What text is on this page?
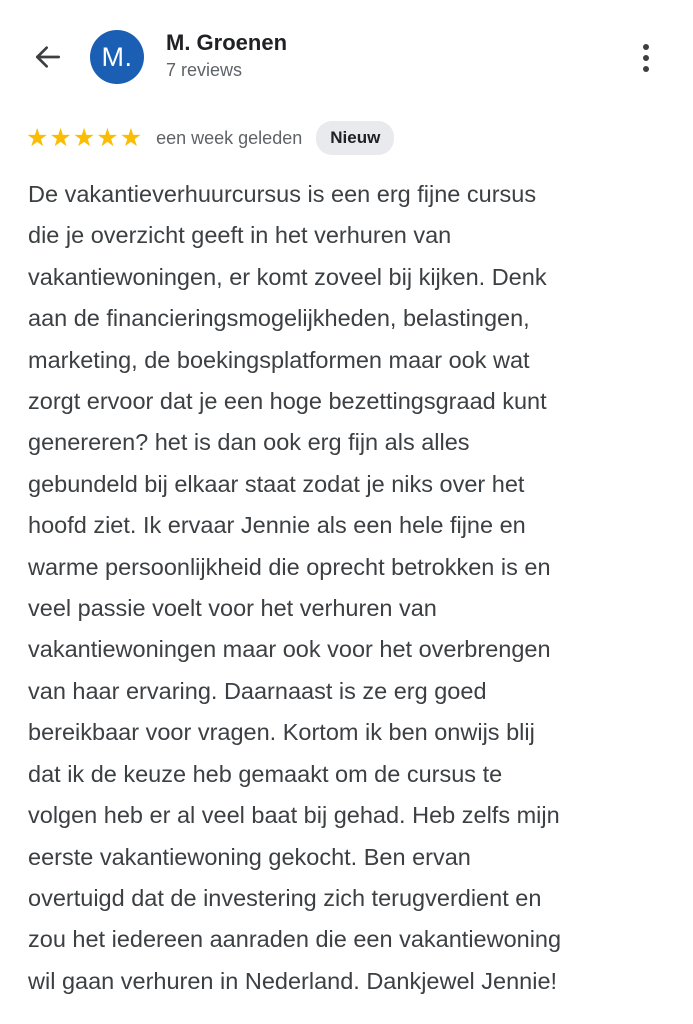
M.	M. Groenen
7 reviews
★ ★ ★ ★ ★ een week geleden	Nieuw
De vakantieverhuurcursus is een erg fijne cursus
die je overzicht geeft in het verhuren van
vakantiewoningen, er komt zoveel bij kijken. Denk
aan de financieringsmogelijkheden, belastingen,
marketing, de boekingsplatformen maar ook wat
zorgt ervoor dat je een hoge bezettingsgraad kunt
genereren? het is dan ook erg fijn als alles
gebundeld bij elkaar staat zodat je niks over het
hoofd ziet. Ik ervaar Jennie als een hele fijne en
warme persoonlijkheid die oprecht betrokken is en
veel passie voelt voor het verhuren van
vakantiewoningen maar ook voor het overbrengen
van haar ervaring. Daarnaast is ze erg goed
bereikbaar voor vragen. Kortom ik ben onwijs blij
dat ik de keuze heb gemaakt om de cursus te
volgen heb er al veel baat bij gehad. Heb zelfs mijn
eerste vakantiewoning gekocht. Ben ervan
overtuigd dat de investering zich terugverdient en
zou het iedereen aanraden die een vakantiewoning
wil gaan verhuren in Nederland. Dankjewel Jennie!
